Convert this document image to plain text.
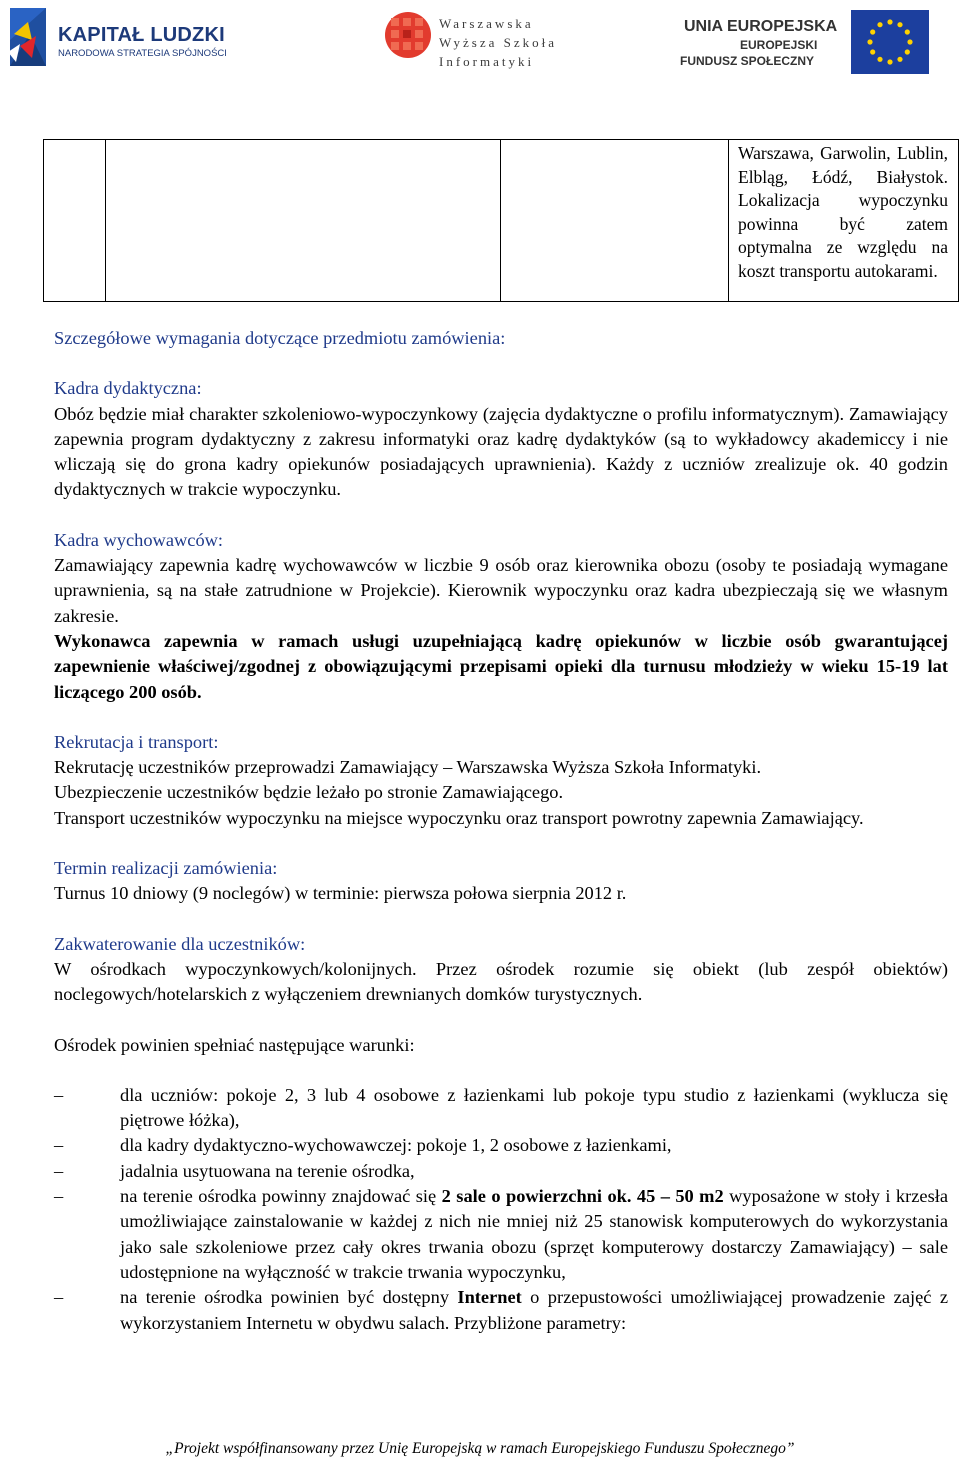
KAPITAŁ LUDZKI
NARODOWA STRATEGIA SPÓJNOŚCI
Warszawska
Wyższa Szkoła
Informatyki
UNIA EUROPEJSKA
EUROPEJSKI
FUNDUSZ SPOŁECZNY
Warszawa, Garwolin, Lublin, Elbląg, Łódź, Białystok. Lokalizacja wypoczynku powinna być zatem optymalna ze względu na koszt transportu autokarami.

Szczegółowe wymagania dotyczące przedmiotu zamówienia:

Kadra dydaktyczna:

Obóz będzie miał charakter szkoleniowo-wypoczynkowy (zajęcia dydaktyczne o profilu informatycznym). Zamawiający zapewnia program dydaktyczny z zakresu informatyki oraz kadrę dydaktyków (są to wykładowcy akademiccy i nie wliczają się do grona kadry opiekunów posiadających uprawnienia). Każdy z uczniów zrealizuje ok. 40 godzin dydaktycznych w trakcie wypoczynku.

Kadra wychowawców:

Zamawiający zapewnia kadrę wychowawców w liczbie 9 osób oraz kierownika obozu (osoby te posiadają wymagane uprawnienia, są na stałe zatrudnione w Projekcie). Kierownik wypoczynku oraz kadra ubezpieczają się we własnym zakresie.

Wykonawca zapewnia w ramach usługi uzupełniającą kadrę opiekunów w liczbie osób gwarantującej zapewnienie właściwej/zgodnej z obowiązującymi przepisami opieki dla turnusu młodzieży w wieku 15-19 lat liczącego 200 osób.

Rekrutacja i transport:

Rekrutację uczestników przeprowadzi Zamawiający – Warszawska Wyższa Szkoła Informatyki.

Ubezpieczenie uczestników będzie leżało po stronie Zamawiającego.

Transport uczestników wypoczynku na miejsce wypoczynku oraz transport powrotny zapewnia Zamawiający.

Termin realizacji zamówienia:

Turnus 10 dniowy (9 noclegów) w terminie: pierwsza połowa sierpnia 2012 r.

Zakwaterowanie dla uczestników:

W ośrodkach wypoczynkowych/kolonijnych. Przez ośrodek rozumie się obiekt (lub zespół obiektów) noclegowych/hotelarskich z wyłączeniem drewnianych domków turystycznych.

Ośrodek powinien spełniać następujące warunki:

– dla uczniów: pokoje 2, 3 lub 4 osobowe z łazienkami lub pokoje typu studio z łazienkami (wyklucza się piętrowe łóżka),
– dla kadry dydaktyczno-wychowawczej: pokoje 1, 2 osobowe z łazienkami,
– jadalnia usytuowana na terenie ośrodka,
– na terenie ośrodka powinny znajdować się 2 sale o powierzchni ok. 45 – 50 m2 wyposażone w stoły i krzesła umożliwiające zainstalowanie w każdej z nich nie mniej niż 25 stanowisk komputerowych do wykorzystania jako sale szkoleniowe przez cały okres trwania obozu (sprzęt komputerowy dostarczy Zamawiający) – sale udostępnione na wyłączność w trakcie trwania wypoczynku,
– na terenie ośrodka powinien być dostępny Internet o przepustowości umożliwiającej prowadzenie zajęć z wykorzystaniem Internetu w obydwu salach. Przybliżone parametry:
„Projekt współfinansowany przez Unię Europejską w ramach Europejskiego Funduszu Społecznego”
